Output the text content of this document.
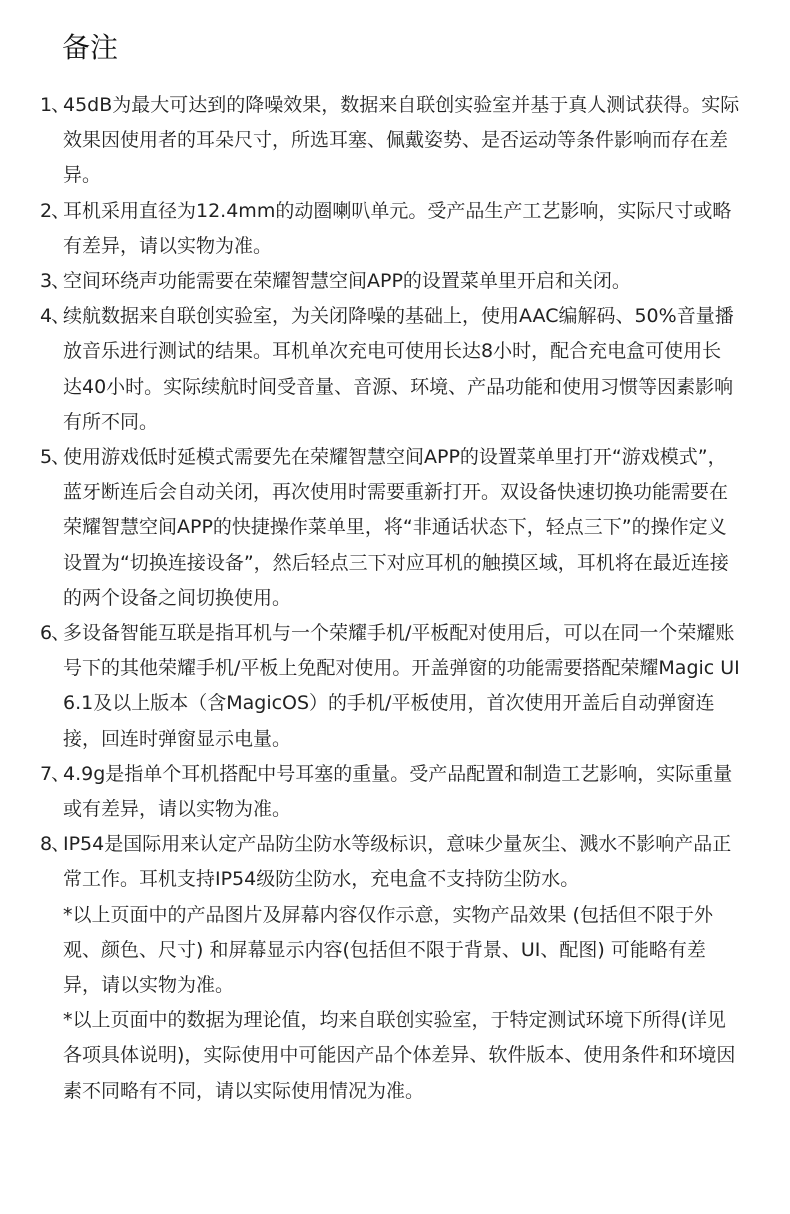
备注
1、
45dB为最大可达到的降噪效果，数据来自联创实验室并基于真人测试获得。实际效果因使用者的耳朵尺寸，所选耳塞、佩戴姿势、是否运动等条件影响而存在差异。
2、
耳机采用直径为12.4mm的动圈喇叭单元。受产品生产工艺影响，实际尺寸或略有差异，请以实物为准。
3、
空间环绕声功能需要在荣耀智慧空间APP的设置菜单里开启和关闭。
4、
续航数据来自联创实验室，为关闭降噪的基础上，使用AAC编解码、50%音量播放音乐进行测试的结果。耳机单次充电可使用长达8小时，配合充电盒可使用长达40小时。实际续航时间受音量、音源、环境、产品功能和使用习惯等因素影响有所不同。
5、
使用游戏低时延模式需要先在荣耀智慧空间APP的设置菜单里打开“游戏模式”，蓝牙断连后会自动关闭，再次使用时需要重新打开。双设备快速切换功能需要在荣耀智慧空间APP的快捷操作菜单里，将“非通话状态下，轻点三下”的操作定义设置为“切换连接设备”，然后轻点三下对应耳机的触摸区域，耳机将在最近连接的两个设备之间切换使用。
6、
多设备智能互联是指耳机与一个荣耀手机/平板配对使用后，可以在同一个荣耀账号下的其他荣耀手机/平板上免配对使用。开盖弹窗的功能需要搭配荣耀Magic UI 6.1及以上版本（含MagicOS）的手机/平板使用，首次使用开盖后自动弹窗连接，回连时弹窗显示电量。
7、
4.9g是指单个耳机搭配中号耳塞的重量。受产品配置和制造工艺影响，实际重量或有差异，请以实物为准。
8、
IP54是国际用来认定产品防尘防水等级标识，意味少量灰尘、溅水不影响产品正常工作。耳机支持IP54级防尘防水，充电盒不支持防尘防水。
*以上页面中的产品图片及屏幕内容仅作示意，实物产品效果 (包括但不限于外观、颜色、尺寸) 和屏幕显示内容(包括但不限于背景、UI、配图) 可能略有差异，请以实物为准。
*以上页面中的数据为理论值，均来自联创实验室，于特定测试环境下所得(详见各项具体说明)，实际使用中可能因产品个体差异、软件版本、使用条件和环境因素不同略有不同，请以实际使用情况为准。
